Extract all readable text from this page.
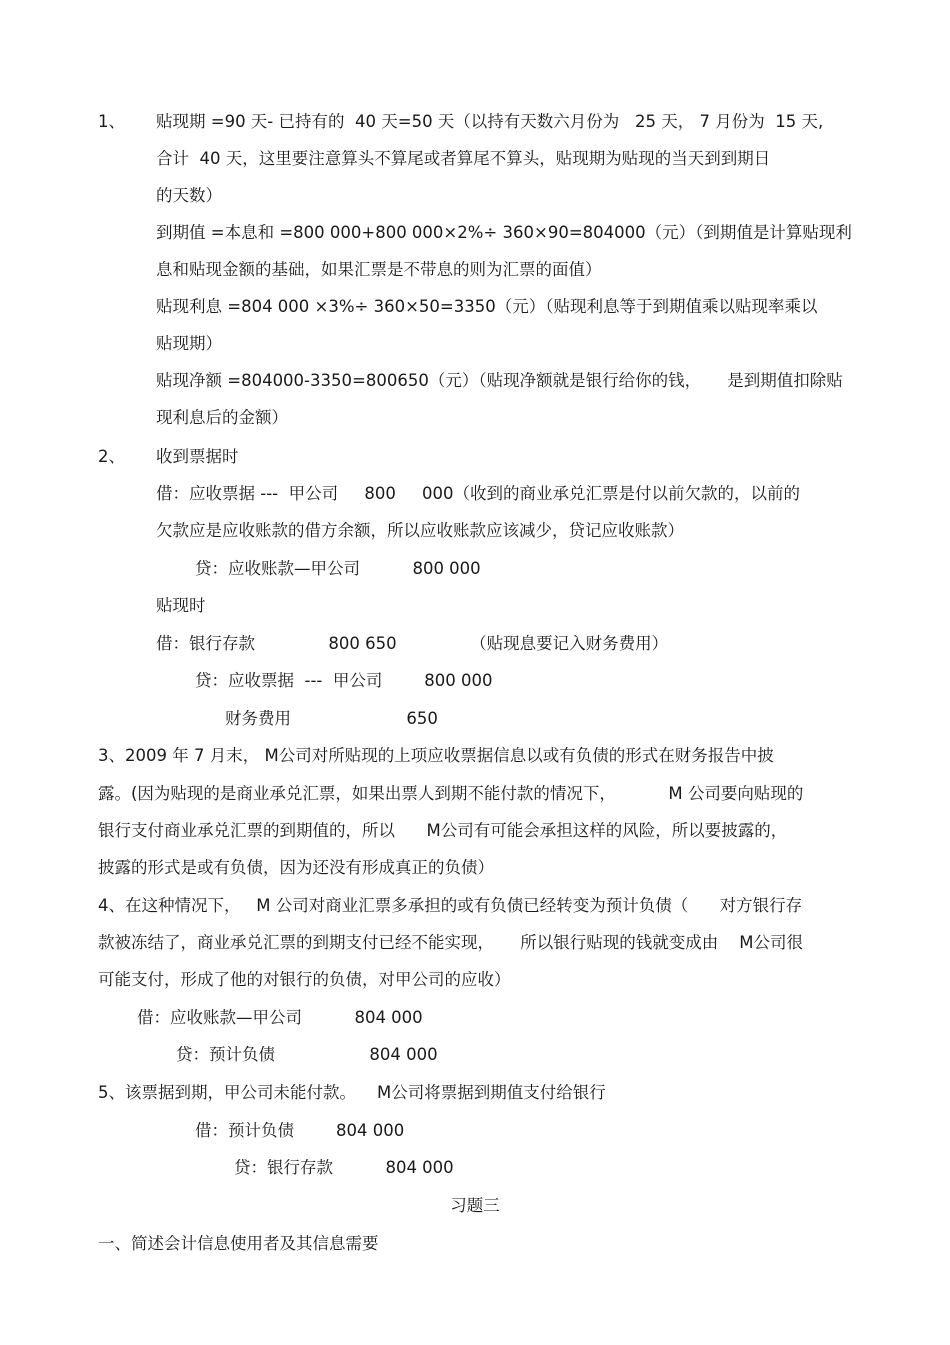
1、 贴现期 =90 天- 已持有的  40 天=50 天（以持有天数六月份为   25 天， 7 月份为  15 天,
合计  40 天，这里要注意算头不算尾或者算尾不算头，贴现期为贴现的当天到到期日
的天数）
到期值 =本息和 =800 000+800 000×2%÷ 360×90=804000（元）（到期值是计算贴现利
息和贴现金额的基础，如果汇票是不带息的则为汇票的面值）
贴现利息 =804 000 ×3%÷ 360×50=3350（元）（贴现利息等于到期值乘以贴现率乘以
贴现期）
贴现净额 =804000-3350=800650（元）（贴现净额就是银行给你的钱，     是到期值扣除贴
现利息后的金额）
2、 收到票据时
借：应收票据 ---  甲公司     800     000（收到的商业承兑汇票是付以前欠款的，以前的
欠款应是应收账款的借方余额，所以应收账款应该减少，贷记应收账款）
贷：应收账款—甲公司          800 000
贴现时
借：银行存款              800 650              （贴现息要记入财务费用）
贷：应收票据  ---  甲公司        800 000
财务费用                      650
3、2009 年 7 月末， M公司对所贴现的上项应收票据信息以或有负债的形式在财务报告中披
露。(因为贴现的是商业承兑汇票，如果出票人到期不能付款的情况下，          M 公司要向贴现的
银行支付商业承兑汇票的到期值的，所以      M公司有可能会承担这样的风险，所以要披露的，
披露的形式是或有负债，因为还没有形成真正的负债）
4、在这种情况下，   M 公司对商业汇票多承担的或有负债已经转变为预计负债（      对方银行存
款被冻结了，商业承兑汇票的到期支付已经不能实现，     所以银行贴现的钱就变成由    M公司很
可能支付，形成了他的对银行的负债，对甲公司的应收）
借：应收账款—甲公司          804 000
贷：预计负债                  804 000
5、该票据到期，甲公司未能付款。    M公司将票据到期值支付给银行
借：预计负债        804 000
贷：银行存款          804 000
习题三
一、简述会计信息使用者及其信息需要
